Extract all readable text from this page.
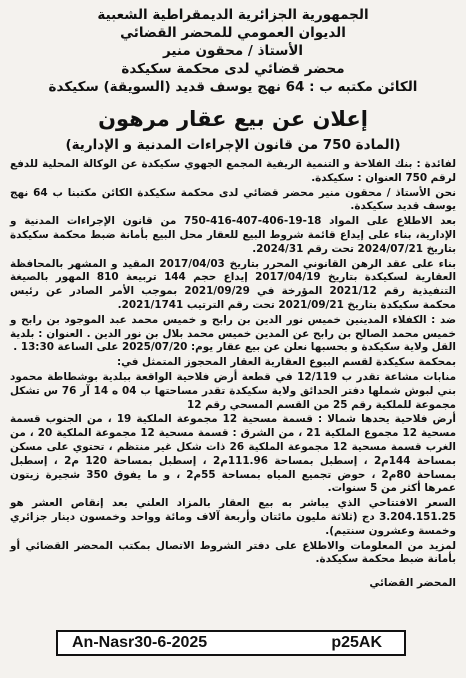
الجمهورية الجزائرية الديمقراطية الشعبية
الديوان العمومي للمحضر القضائي
الأستاذ / محقون منير
محضر قضائي لدى محكمة سكيكدة
الكائن مكتبه ب : 64 نهج يوسف قديد (السويقة) سكيكدة
إعلان عن بيع عقار مرهون
(المادة 750 من قانون الإجراءات المدنية و الإدارية)

لفائدة : بنك الفلاحة و التنمية الريفية المجمع الجهوي سكيكدة عن الوكالة المحلية للدفع لرقم 750 العنوان : سكيكدة.

نحن الأستاذ / محقون منير محضر قضائي لدى محكمة سكيكدة الكائن مكتبنا ب 64 نهج يوسف قديد سكيكدة.

بعد الاطلاع على المواد 18-19-406-407-416-750 من قانون الإجراءات المدنية و الإدارية، بناء على إيداع قائمة شروط البيع للعقار محل البيع بأمانة ضبط محكمة سكيكدة بتاريخ 2024/07/21 تحت رقم 2024/31.

بناء على عقد الرهن القانوني المحرر بتاريخ 2017/04/03 المقيد و المشهر بالمحافظة العقارية لسكيكدة بتاريخ 2017/04/19 إيداع حجم 144 تربيعة 810 المهور بالصيغة التنفيذية رقم 2021/12 المؤرخة في 2021/09/29 بموجب الأمر الصادر عن رئيس محكمة سكيكدة بتاريخ 2021/09/21 تحت رقم الترتيب 2021/1741.

ضد : الكفلاء المدينين خميس نور الدين بن رابح و خميس محمد عبد الموجود بن رابح و خميس محمد الصالح بن رابح عن المدين خميس محمد بلال بن نور الدين . العنوان : بلدية القل ولاية سكيكدة و بحسبها نعلن عن بيع عقار يوم: 2025/07/20 على الساعة 13:30 .

بمحكمة سكيكدة لقسم البيوع العقارية العقار المحجوز المتمثل في:

منابات مشاعة تقدر ب 12/119 في قطعة أرض فلاحية الواقعة ببلدية بوشطاطة محمود بني لبوش شملها دفتر الحدائق ولاية سكيكدة تقدر مساحتها ب 04 ه 14 آر 76 س تشكل مجموعة للملكية رقم 25 من القسم المسحي رقم 12

أرض فلاحية يحدها شمالا : قسمة مسحية 12 مجموعة الملكية 19 ، من الجنوب قسمة مسحية 12 مجموع الملكية 21 ، من الشرق : قسمة مسحية 12 مجموعة الملكية 20 ، من الغرب قسمة مسحية 12 مجموعة الملكية 26 ذات شكل غير منتظم ، تحتوي على مسكن بمساحة 144م2 ، إسطبل بمساحة 111.96م2 ، إسطبل بمساحة 120 م2 ، إسطبل بمساحة 80م2 ، حوض تجميع المياه بمساحة 55م2 ، و ما يفوق 350 شجيرة زيتون عمرها أكثر من 5 سنوات.

السعر الافتتاحي الذي يباشر به بيع العقار بالمزاد العلني بعد إنقاص العشر هو 3.204.151.25 دج (ثلاثة مليون مائتان وأربعة آلاف ومائة وواحد وخمسون دينار جزائري وخمسة وعشرون سنتيم).

لمزيد من المعلومات والاطلاع على دفتر الشروط الاتصال بمكتب المحضر القضائي أو بأمانة ضبط محكمة سكيكدة.

المحضر القضائي
An-Nasr30-6-2025	p25AK
